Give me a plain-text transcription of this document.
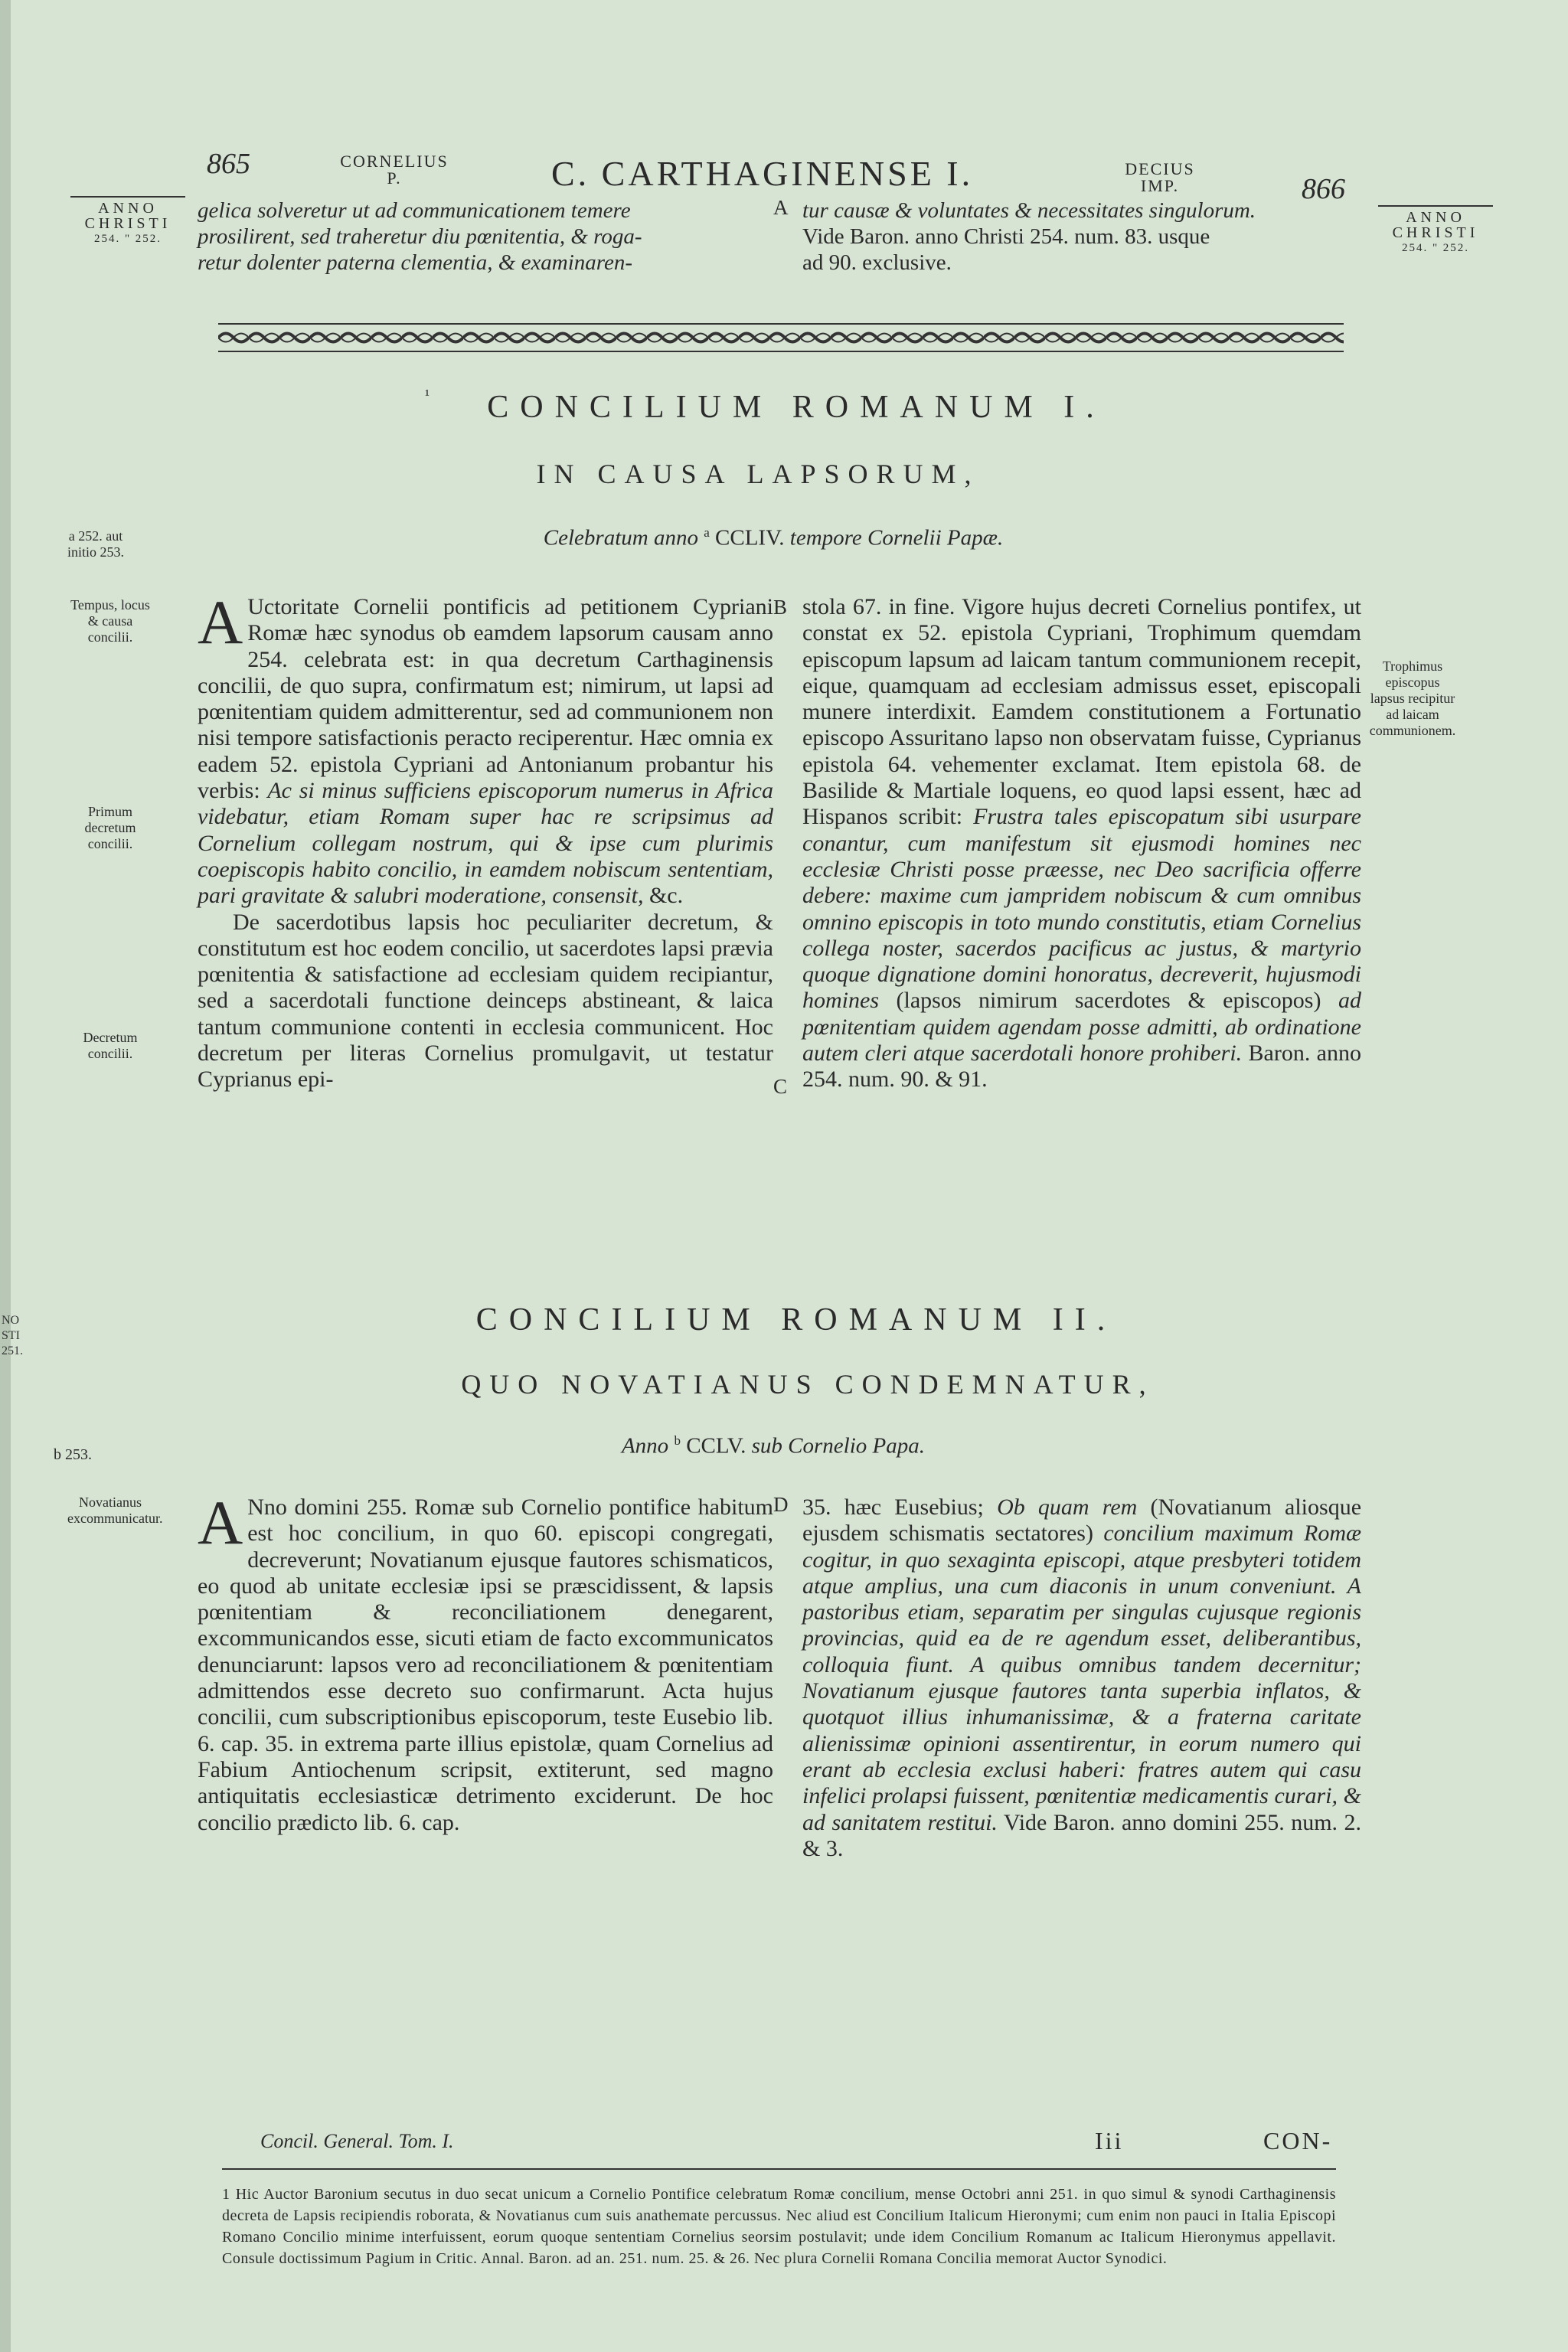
NO STI 251.
865	CORNELIUS P.	C. CARTHAGINENSE I.	DECIUS IMP.	866
ANNO
CHRISTI
254. " 252.
ANNO
CHRISTI
254. " 252.
gelica solveretur ut ad communicationem temere
prosilirent, sed traheretur diu pœnitentia, & roga-
retur dolenter paterna clementia, & examinaren-
A tur causæ & voluntates & necessitates singulorum.
Vide Baron. anno Christi 254. num. 83. usque
ad 90. exclusive.
¹	CONCILIUM ROMANUM I.
IN CAUSA LAPSORUM,
Celebratum anno $^a$ CCLIV. tempore Cornelii Papæ.
a 252. aut initio 253.
Tempus, locus & causa concilii.
Primum decretum concilii.
Decretum concilii.
Trophimus episcopus lapsus recipitur ad laicam communionem.
B
C

A Uctoritate Cornelii pontificis ad petitionem Cypriani Romæ hæc synodus ob eamdem lapsorum causam anno 254. celebrata est: in qua decretum Carthaginensis concilii, de quo supra, confirmatum est; nimirum, ut lapsi ad pœnitentiam quidem admitterentur, sed ad communionem non nisi tempore satisfactionis peracto reciperentur. Hæc omnia ex eadem 52. epistola Cypriani ad Antonianum probantur his verbis: Ac si minus sufficiens episcoporum numerus in Africa videbatur, etiam Romam super hac re scripsimus ad Cornelium collegam nostrum, qui & ipse cum plurimis coepiscopis habito concilio, in eamdem nobiscum sententiam, pari gravitate & salubri moderatione, consensit, &c.

De sacerdotibus lapsis hoc peculiariter decretum, & constitutum est hoc eodem concilio, ut sacerdotes lapsi prævia pœnitentia & satisfactione ad ecclesiam quidem recipiantur, sed a sacerdotali functione deinceps abstineant, & laica tantum communione contenti in ecclesia communicent. Hoc decretum per literas Cornelius promulgavit, ut testatur Cyprianus epi-

stola 67. in fine. Vigore hujus decreti Cornelius pontifex, ut constat ex 52. epistola Cypriani, Trophimum quemdam episcopum lapsum ad laicam tantum communionem recepit, eique, quamquam ad ecclesiam admissus esset, episcopali munere interdixit. Eamdem constitutionem a Fortunatio episcopo Assuritano lapso non observatam fuisse, Cyprianus epistola 64. vehementer exclamat. Item epistola 68. de Basilide & Martiale loquens, eo quod lapsi essent, hæc ad Hispanos scribit: Frustra tales episcopatum sibi usurpare conantur, cum manifestum sit ejusmodi homines nec ecclesiæ Christi posse præesse, nec Deo sacrificia offerre debere: maxime cum jampridem nobiscum & cum omnibus omnino episcopis in toto mundo constitutis, etiam Cornelius collega noster, sacerdos pacificus ac justus, & martyrio quoque dignatione domini honoratus, decreverit, hujusmodi homines (lapsos nimirum sacerdotes & episcopos) ad pœnitentiam quidem agendam posse admitti, ab ordinatione autem cleri atque sacerdotali honore prohiberi. Baron. anno 254. num. 90. & 91.

CONCILIUM ROMANUM II.
QUO NOVATIANUS CONDEMNATUR,
Anno $^b$ CCLV. sub Cornelio Papa.
b 253.
Novatianus excommunicatur.
D

A Nno domini 255. Romæ sub Cornelio pontifice habitum est hoc concilium, in quo 60. episcopi congregati, decreverunt; Novatianum ejusque fautores schismaticos, eo quod ab unitate ecclesiæ ipsi se præscidissent, & lapsis pœnitentiam & reconciliationem denegarent, excommunicandos esse, sicuti etiam de facto excommunicatos denunciarunt: lapsos vero ad reconciliationem & pœnitentiam admittendos esse decreto suo confirmarunt. Acta hujus concilii, cum subscriptionibus episcoporum, teste Eusebio lib. 6. cap. 35. in extrema parte illius epistolæ, quam Cornelius ad Fabium Antiochenum scripsit, extiterunt, sed magno antiquitatis ecclesiasticæ detrimento exciderunt. De hoc concilio prædicto lib. 6. cap.

35. hæc Eusebius; Ob quam rem (Novatianum aliosque ejusdem schismatis sectatores) concilium maximum Romæ cogitur, in quo sexaginta episcopi, atque presbyteri totidem atque amplius, una cum diaconis in unum conveniunt. A pastoribus etiam, separatim per singulas cujusque regionis provincias, quid ea de re agendum esset, deliberantibus, colloquia fiunt. A quibus omnibus tandem decernitur; Novatianum ejusque fautores tanta superbia inflatos, & quotquot illius inhumanissimæ, & a fraterna caritate alienissimæ opinioni assentirentur, in eorum numero qui erant ab ecclesia exclusi haberi: fratres autem qui casu infelici prolapsi fuissent, pœnitentiæ medicamentis curari, & ad sanitatem restitui. Vide Baron. anno domini 255. num. 2. & 3.

Concil. General. Tom. I.	Iii	CON-
1 Hic Auctor Baronium secutus in duo secat unicum a Cornelio Pontifice celebratum Romæ concilium, mense Octobri anni 251. in quo simul & synodi Carthaginensis decreta de Lapsis recipiendis roborata, & Novatianus cum suis anathemate percussus. Nec aliud est Concilium Italicum Hieronymi; cum enim non pauci in Italia Episcopi Romano Concilio minime interfuissent, eorum quoque sententiam Cornelius seorsim postulavit; unde idem Concilium Romanum ac Italicum Hieronymus appellavit. Consule doctissimum Pagium in Critic. Annal. Baron. ad an. 251. num. 25. & 26. Nec plura Cornelii Romana Concilia memorat Auctor Synodici.
